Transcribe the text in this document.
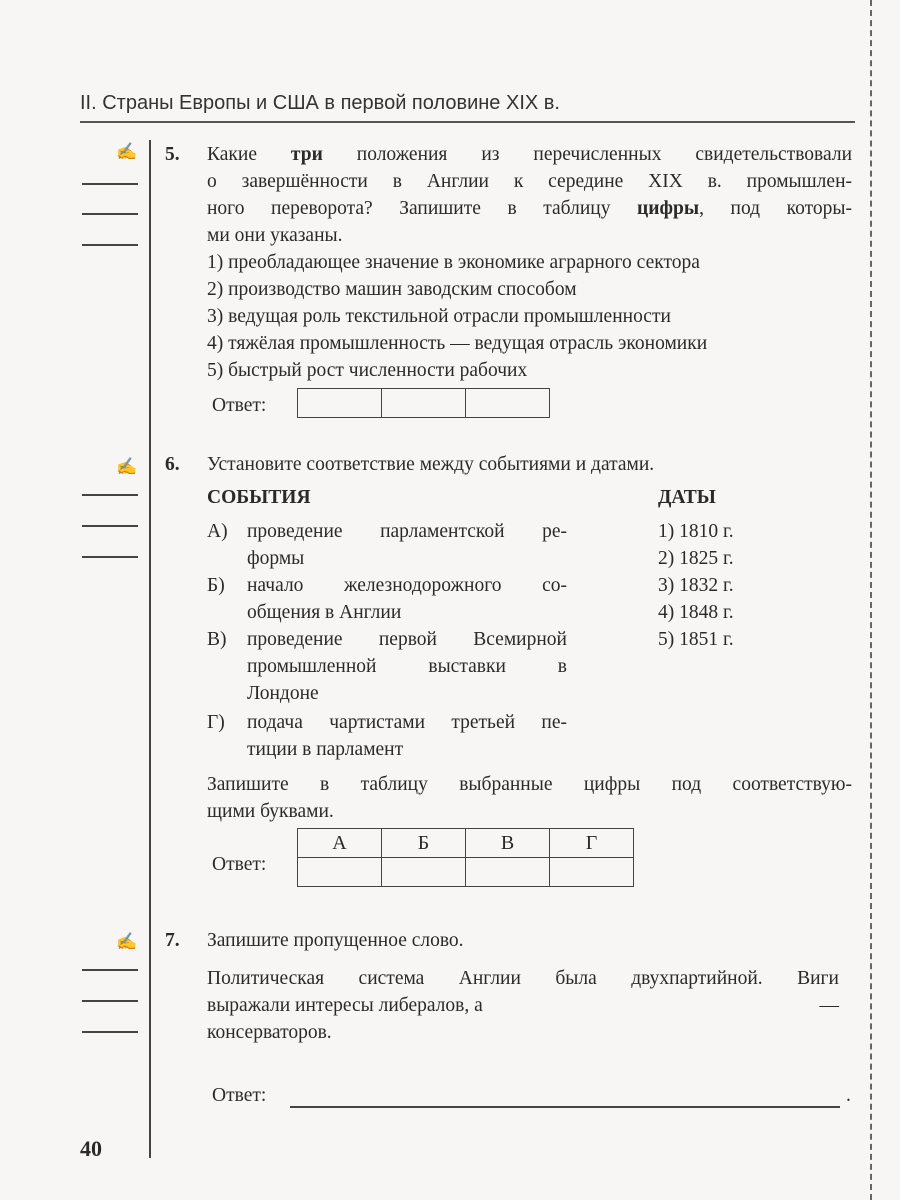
II. Страны Европы и США в первой половине XIX в.
✍
✍
✍
5. Какие три положения из перечисленных свидетельствовали
о завершённости в Англии к середине XIX в. промышлен-
ного переворота? Запишите в таблицу цифры, под которы-
ми они указаны.
1) преобладающее значение в экономике аграрного сектора
2) производство машин заводским способом
3) ведущая роль текстильной отрасли промышленности
4) тяжёлая промышленность — ведущая отрасль экономики
5) быстрый рост численности рабочих
Ответ:

6. Установите соответствие между событиями и датами.
СОБЫТИЯ	ДАТЫ
А) проведение парламентской ре-
формы
Б)	начало железнодорожного со-
общения в Англии
В)	проведение первой Всемирной
промышленной выставки в
Лондоне
Г)	подача чартистами третьей пе-
тиции в парламент
1) 1810 г.
2) 1825 г.
3) 1832 г.
4) 1848 г.
5) 1851 г.
Запишите в таблицу выбранные цифры под соответствую-
щими буквами.
Ответ:
А	Б	В	Г

7. Запишите пропущенное слово.
Политическая система Англии была двухпартийной. Виги
выражали интересы либералов, а	—
консерваторов.
Ответ:	.
40
